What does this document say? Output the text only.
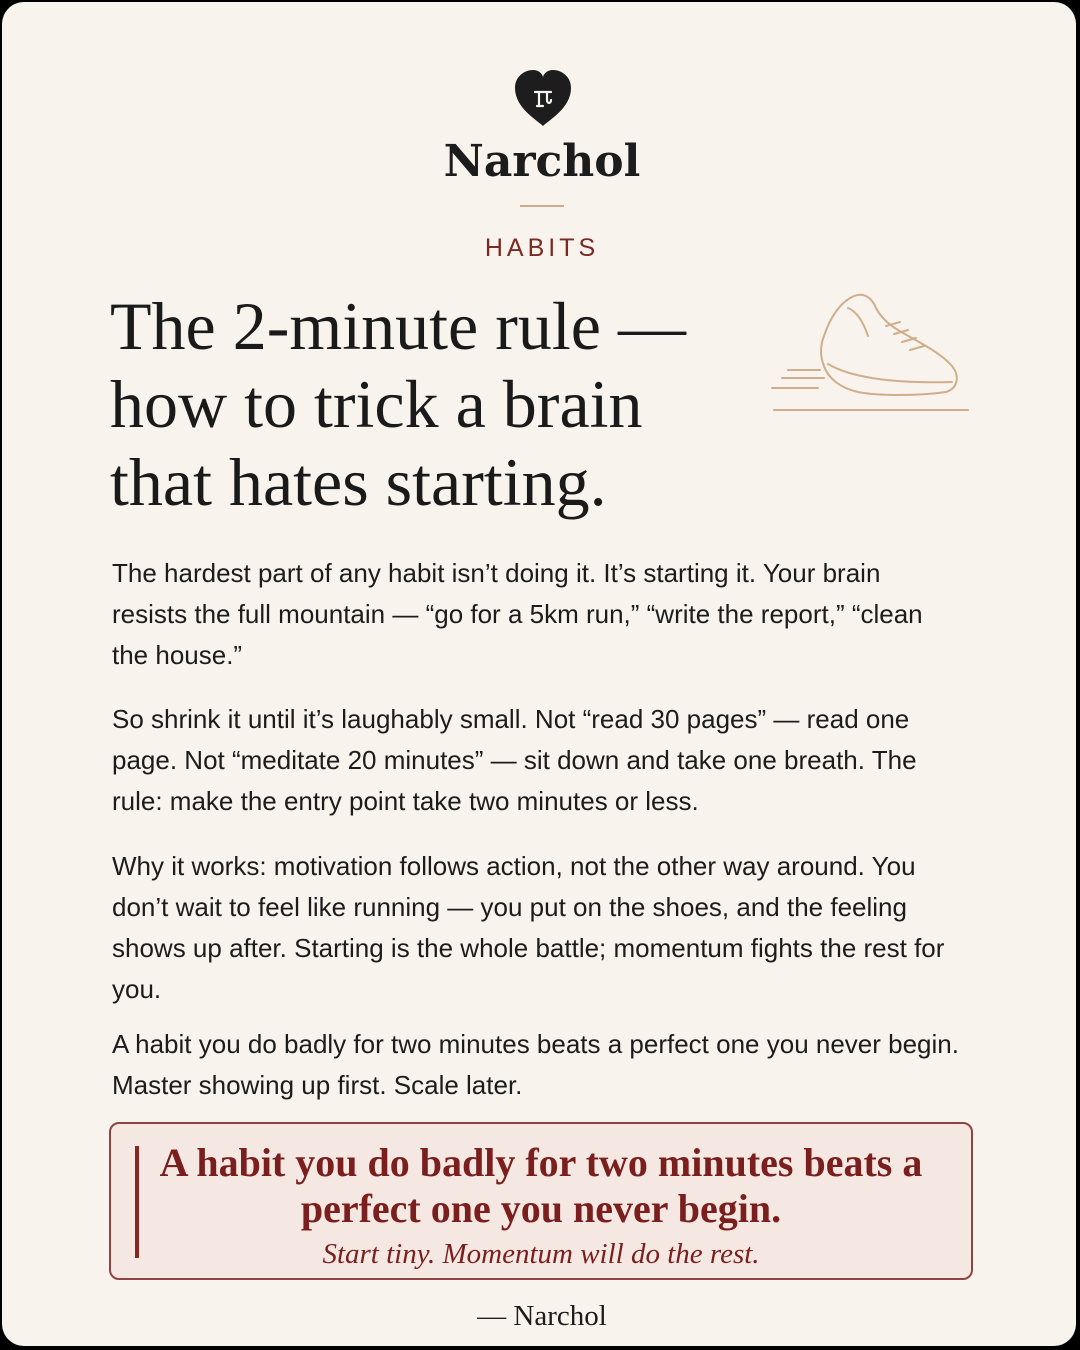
Narchol
HABITS
The 2-minute rule —
how to trick a brain
that hates starting.

The hardest part of any habit isn’t doing it. It’s starting it. Your brain resists the full mountain — “go for a 5km run,” “write the report,” “clean the house.”

So shrink it until it’s laughably small. Not “read 30 pages” — read one page. Not “meditate 20 minutes” — sit down and take one breath. The rule: make the entry point take two minutes or less.

Why it works: motivation follows action, not the other way around. You don’t wait to feel like running — you put on the shoes, and the feeling shows up after. Starting is the whole battle; momentum fights the rest for you.

A habit you do badly for two minutes beats a perfect one you never begin. Master showing up first. Scale later.

A habit you do badly for two minutes beats a perfect one you never begin.

Start tiny. Momentum will do the rest.

— Narchol
